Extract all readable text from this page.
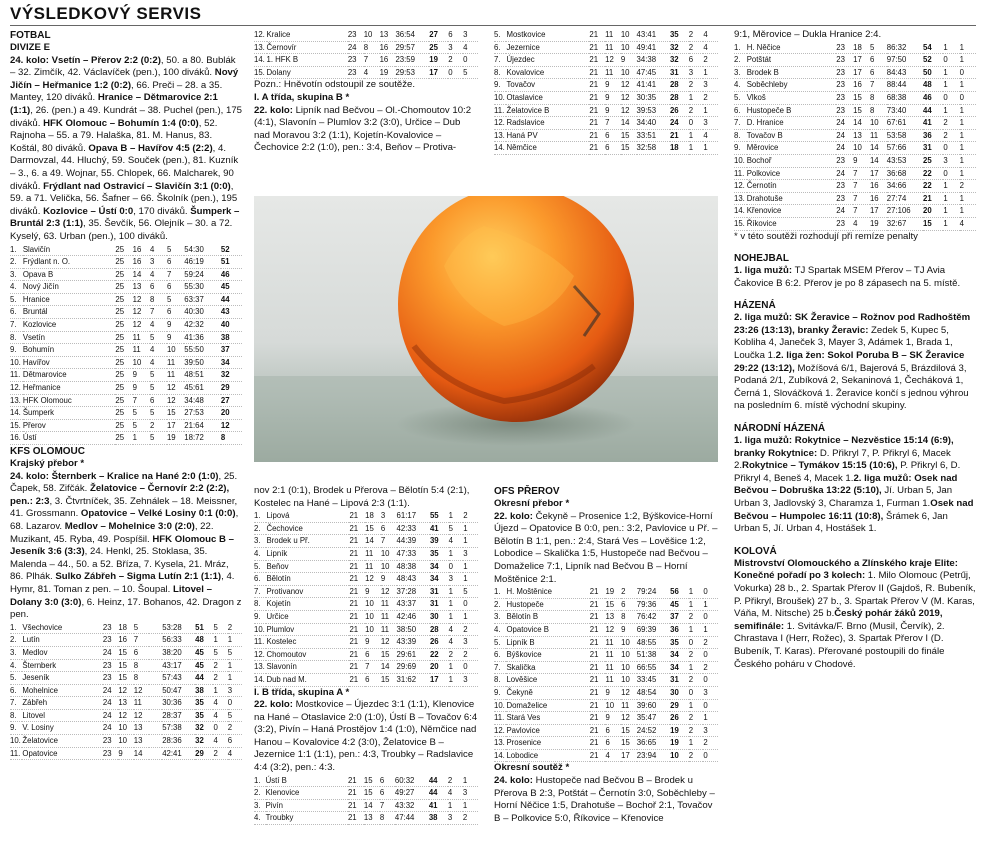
VÝSLEDKOVÝ SERVIS
FOTBAL
DIVIZE E
24. kolo: Vsetín – Přerov 2:2 (0:2), 50. a 80. Bublák – 32. Zimčík, 42. Václavíček (pen.), 100 diváků. Nový Jičín – Heřmanice 1:2 (0:2), 66. Preči – 28. a 35. Mantey, 120 diváků. Hranice – Dětmarovice 2:1 (1:1), 26. (pen.) a 49. Kundrát – 38. Puchel (pen.), 175 diváků. HFK Olomouc – Bohumín 1:4 (0:0), 52. Rajnoha – 55. a 79. Halaška, 81. M. Hanus, 83. Koštál, 80 diváků. Opava B – Havířov 4:5 (2:2), 4. Darmovzal, 44. Hluchý, 59. Souček (pen.), 81. Kuzník – 3., 6. a 49. Wojnar, 55. Chlopek, 66. Malcharek, 90 diváků. Frýdlant nad Ostravicí – Slavičín 3:1 (0:0), 59. a 71. Velička, 56. Šafner – 66. Školník (pen.), 195 diváků. Kozlovice – Ústí 0:0, 170 diváků. Šumperk – Bruntál 2:3 (1:1), 35. Ševčík, 56. Olejník – 30. a 72. Kyselý, 63. Urban (pen.), 100 diváků.
1.	Slavičín	25	16	4	5	54:30	52
2.	Frýdlant n. O.	25	16	3	6	46:19	51
3.	Opava B	25	14	4	7	59:24	46
4.	Nový Jičín	25	13	6	6	55:30	45
5.	Hranice	25	12	8	5	63:37	44
6.	Bruntál	25	12	7	6	40:30	43
7.	Kozlovice	25	12	4	9	42:32	40
8.	Vsetín	25	11	5	9	41:36	38
9.	Bohumín	25	11	4	10	55:50	37
10.	Havířov	25	10	4	11	39:50	34
11.	Dětmarovice	25	9	5	11	48:51	32
12.	Heřmanice	25	9	5	12	45:61	29
13.	HFK Olomouc	25	7	6	12	34:48	27
14.	Šumperk	25	5	5	15	27:53	20
15.	Přerov	25	5	2	17	21:64	12
16.	Ústí	25	1	5	19	18:72	8
KFS OLOMOUC
Krajský přebor *
24. kolo: Šternberk – Kralice na Hané 2:0 (1:0), 25. Čapek, 58. Zifčák. Želatovice – Černovír 2:2 (2:2), pen.: 2:3, 3. Čtvrtníček, 35. Zehnálek – 18. Meissner, 41. Grossmann. Opatovice – Velké Losiny 0:1 (0:0), 68. Lazarov. Medlov – Mohelnice 3:0 (2:0), 22. Muzikant, 45. Ryba, 49. Pospíšil. HFK Olomouc B – Jeseník 3:6 (3:3), 24. Henkl, 25. Stoklasa, 35. Malenda – 44., 50. a 52. Bříza, 7. Kysela, 21. Mráz, 86. Plhák. Sulko Zábřeh – Sigma Lutín 2:1 (1:1), 4. Hymr, 81. Toman z pen. – 10. Šoupal. Litovel – Dolany 3:0 (3:0), 6. Heinz, 17. Bohanos, 42. Dragon z pen.
1.	Všechovice	23	18	5		53:28	51	5	2
2.	Lutín	23	16	7		56:33	48	1	1
3.	Medlov	24	15	6		38:20	45	5	5
4.	Šternberk	23	15	8		43:17	45	2	1
5.	Jeseník	23	15	8		57:43	44	2	1
6.	Mohelnice	24	12	12		50:47	38	1	3
7.	Zábřeh	24	13	11		30:36	35	4	0
8.	Litovel	24	12	12		28:37	35	4	5
9.	V. Losiny	24	10	13		57:38	32	0	2
10.	Želatovice	23	10	13		28:36	32	4	6
11.	Opatovice	23	9	14		42:41	29	2	4
12.	Kralice	23	10	13	36:54	27	6	3
13.	Černovír	24	8	16	29:57	25	3	4
14.	1. HFK B	23	7	16	23:59	19	2	0
15.	Dolany	23	4	19	29:53	17	0	5
Pozn.: Hněvotín odstoupil ze soutěže.
I. A třída, skupina B *
22. kolo: Lipník nad Bečvou – Ol.-Chomoutov 10:2 (4:1), Slavonín – Plumlov 3:2 (3:0), Určice – Dub nad Moravou 3:2 (1:1), Kojetín-Kovalovice – Čechovice 2:2 (1:0), pen.: 3:4, Beňov – Protiva-
5.	Mostkovice	21	11	10	43:41	35	2	4
6.	Jezernice	21	11	10	49:41	32	2	4
7.	Újezdec	21	12	9	34:38	32	6	2
8.	Kovalovice	21	11	10	47:45	31	3	1
9.	Tovačov	21	9	12	41:41	28	2	3
10.	Otaslavice	21	9	12	30:35	28	1	2
11.	Želatovice B	21	9	12	39:53	26	2	1
12.	Radslavice	21	7	14	34:40	24	0	3
13.	Haná PV	21	6	15	33:51	21	1	4
14.	Němčice	21	6	15	32:58	18	1	1
nov 2:1 (0:1), Brodek u Přerova – Bělotín 5:4 (2:1), Kostelec na Hané – Lipová 2:3 (1:1).
1.	Lipová	21	18	3	61:17	55	1	2
2.	Čechovice	21	15	6	42:33	41	5	1
3.	Brodek u Př.	21	14	7	44:39	39	4	1
4.	Lipník	21	11	10	47:33	35	1	3
5.	Beňov	21	11	10	48:38	34	0	1
6.	Bělotín	21	12	9	48:43	34	3	1
7.	Protivanov	21	9	12	37:28	31	1	5
8.	Kojetín	21	10	11	43:37	31	1	0
9.	Určice	21	10	11	42:46	30	1	1
10.	Plumlov	21	10	11	38:50	28	4	2
11.	Kostelec	21	9	12	43:39	26	4	3
12.	Chomoutov	21	6	15	29:61	22	2	2
13.	Slavonín	21	7	14	29:69	20	1	0
14.	Dub nad M.	21	6	15	31:62	17	1	3
I. B třída, skupina A *
22. kolo: Mostkovice – Újezdec 3:1 (1:1), Klenovice na Hané – Otaslavice 2:0 (1:0), Ústí B – Tovačov 6:4 (3:2), Pivín – Haná Prostějov 1:4 (1:0), Němčice nad Hanou – Kovalovice 4:2 (3:0), Želatovice B – Jezernice 1:1 (1:1), pen.: 4:3, Troubky – Radslavice 4:4 (3:2), pen.: 4:3.
1.	Ústí B	21	15	6	60:32	44	2	1
2.	Klenovice	21	15	6	49:27	44	4	3
3.	Pivín	21	14	7	43:32	41	1	1
4.	Troubky	21	13	8	47:44	38	3	2
OFS PŘEROV
Okresní přebor *
22. kolo: Čekyně – Prosenice 1:2, Býškovice-Horní Újezd – Opatovice B 0:0, pen.: 3:2, Pavlovice u Př. – Bělotín B 1:1, pen.: 2:4, Stará Ves – Lověšice 1:2, Lobodice – Skalička 1:5, Hustopeče nad Bečvou – Domaželice 7:1, Lipník nad Bečvou B – Horní Moštěnice 2:1.
1.	H. Moštěnice	21	19	2	79:24	56	1	0
2.	Hustopeče	21	15	6	79:36	45	1	1
3.	Bělotín B	21	13	8	76:42	37	2	0
4.	Opatovice B	21	12	9	69:39	36	1	1
5.	Lipník B	21	11	10	48:55	35	0	2
6.	Býškovice	21	11	10	51:38	34	2	0
7.	Skalička	21	11	10	66:55	34	1	2
8.	Lověšice	21	11	10	33:45	31	2	0
9.	Čekyně	21	9	12	48:54	30	0	3
10.	Domaželice	21	10	11	39:60	29	1	0
11.	Stará Ves	21	9	12	35:47	26	2	1
12.	Pavlovice	21	6	15	24:52	19	2	3
13.	Prosenice	21	6	15	36:65	19	1	2
14.	Lobodice	21	4	17	23:94	10	2	0
Okresní soutěž *
24. kolo: Hustopeče nad Bečvou B – Brodek u Přerova B 2:3, Potštát – Černotín 3:0, Soběchleby – Horní Něčice 1:5, Drahotuše – Bochoř 2:1, Tovačov B – Polkovice 5:0, Říkovice – Křenovice
9:1, Měrovice – Dukla Hranice 2:4.
1.	H. Něčice	23	18	5	86:32	54	1	1
2.	Potštát	23	17	6	97:50	52	0	1
3.	Brodek B	23	17	6	84:43	50	1	0
4.	Soběchleby	23	16	7	88:44	48	1	1
5.	Vlkoš	23	15	8	68:38	46	0	0
6.	Hustopeče B	23	15	8	73:40	44	1	1
7.	D. Hranice	24	14	10	67:61	41	2	1
8.	Tovačov B	24	13	11	53:58	36	2	1
9.	Měrovice	24	10	14	57:66	31	0	1
10.	Bochoř	23	9	14	43:53	25	3	1
11.	Polkovice	24	7	17	36:68	22	0	1
12.	Černotín	23	7	16	34:66	22	1	2
13.	Drahotuše	23	7	16	27:74	21	1	1
14.	Křenovice	24	7	17	27:106	20	1	1
15.	Říkovice	23	4	19	32:67	15	1	4
* v této soutěži rozhodují při remíze penalty
NOHEJBAL
1. liga mužů: TJ Spartak MSEM Přerov – TJ Avia Čakovice B 6:2. Přerov je po 8 zápasech na 5. místě.
HÁZENÁ
2. liga mužů: SK Žeravice – Rožnov pod Radhoštěm 23:26 (13:13), branky Žeravic: Zedek 5, Kupec 5, Kobliha 4, Janeček 3, Mayer 3, Adámek 1, Brada 1, Loučka 1.2. liga žen: Sokol Poruba B – SK Žeravice 29:22 (13:12), Možíšová 6/1, Bajerová 5, Brázdilová 3, Podaná 2/1, Zubíková 2, Sekaninová 1, Čecháková 1, Černá 1, Slováčková 1. Žeravice končí s jednou výhrou na posledním 6. místě východní skupiny.
NÁRODNÍ HÁZENÁ
1. liga mužů: Rokytnice – Nezvěstice 15:14 (6:9), branky Rokytnice: D. Přikryl 7, P. Přikryl 6, Macek 2.Rokytnice – Tymákov 15:15 (10:6), P. Přikryl 6, D. Přikryl 4, Beneš 4, Macek 1.2. liga mužů: Osek nad Bečvou – Dobruška 13:22 (5:10), Jí. Urban 5, Jan Urban 3, Jadlovský 3, Charamza 1, Furman 1.Osek nad Bečvou – Humpolec 16:11 (10:8), Šrámek 6, Jan Urban 5, Jí. Urban 4, Hostášek 1.
KOLOVÁ
Mistrovství Olomouckého a Zlínského kraje Elite: Konečné pořadí po 3 kolech: 1. Milo Olomouc (Petrűj, Vokurka) 28 b., 2. Spartak Přerov II (Gajdoš, R. Bubeník, P. Přikryl, Broušek) 27 b., 3. Spartak Přerov V (M. Karas, Váňa, M. Nitsche) 25 b.Český pohár žáků 2019, semifinále: 1. Svitávka/F. Brno (Musil, Červík), 2. Chrastava I (Herr, Rožec), 3. Spartak Přerov I (D. Bubeník, T. Karas). Přerované postoupili do finále Českého poháru v Chodové.
